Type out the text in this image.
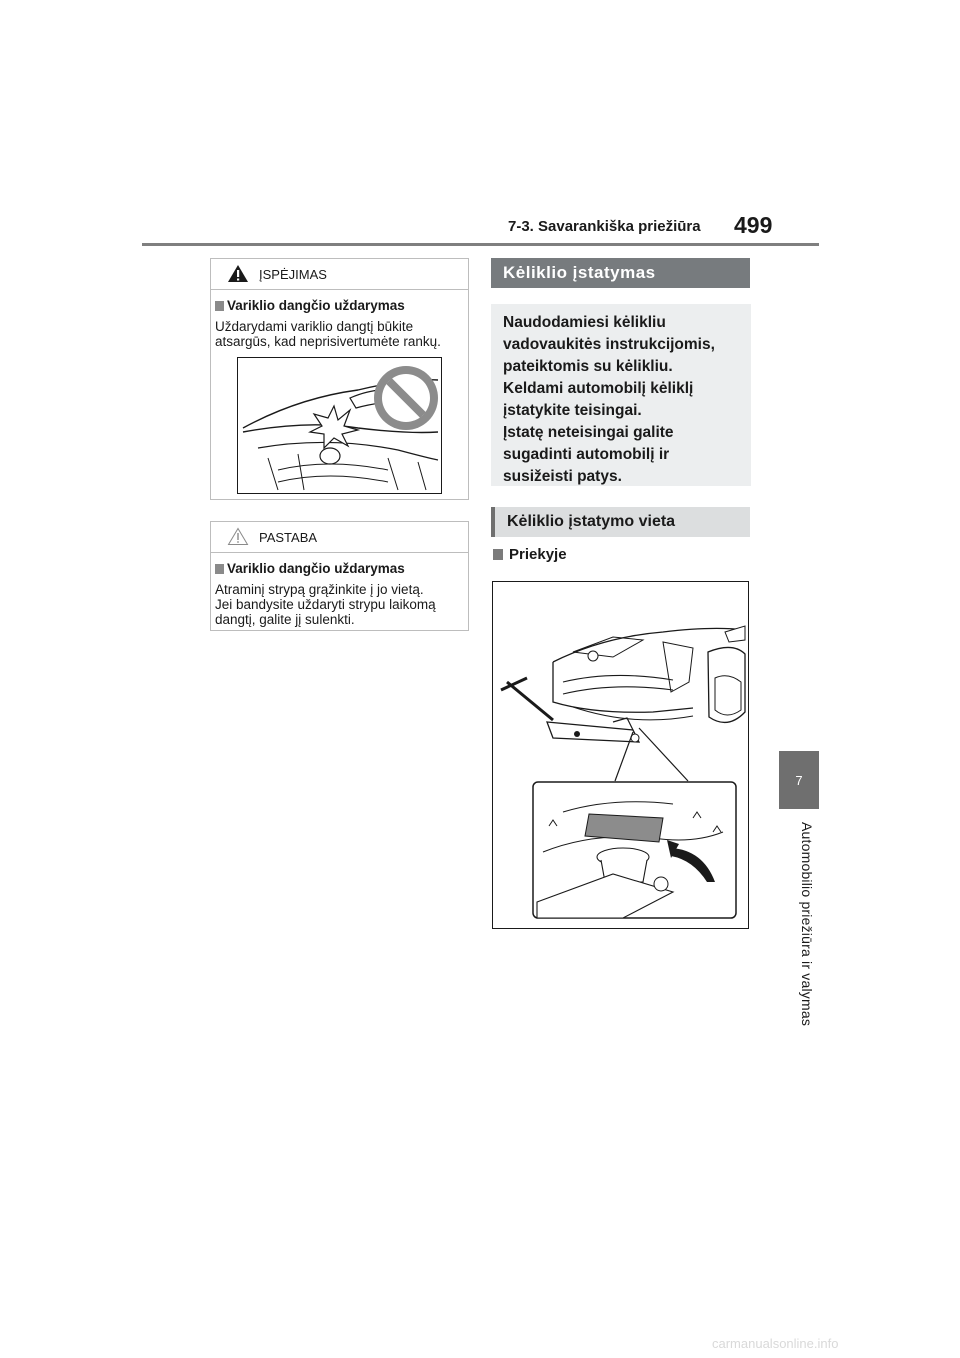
7-3. Savarankiška priežiūra 499
7
Automobilio priežiūra ir valymas
ĮSPĖJIMAS
Variklio dangčio uždarymas
Uždarydami variklio dangtį būkite
atsargūs, kad neprisivertumėte rankų.
PASTABA
Variklio dangčio uždarymas
Atraminį strypą grąžinkite į jo vietą.
Jei bandysite uždaryti strypu laikomą
dangtį, galite jį sulenkti.
Kėliklio įstatymas
Naudodamiesi kėlikliu
vadovaukitės instrukcijomis,
pateiktomis su kėlikliu.
Keldami automobilį kėliklį
įstatykite teisingai.
Įstatę neteisingai galite
sugadinti automobilį ir
susižeisti patys.
Kėliklio įstatymo vieta
Priekyje
carmanualsonline.info
